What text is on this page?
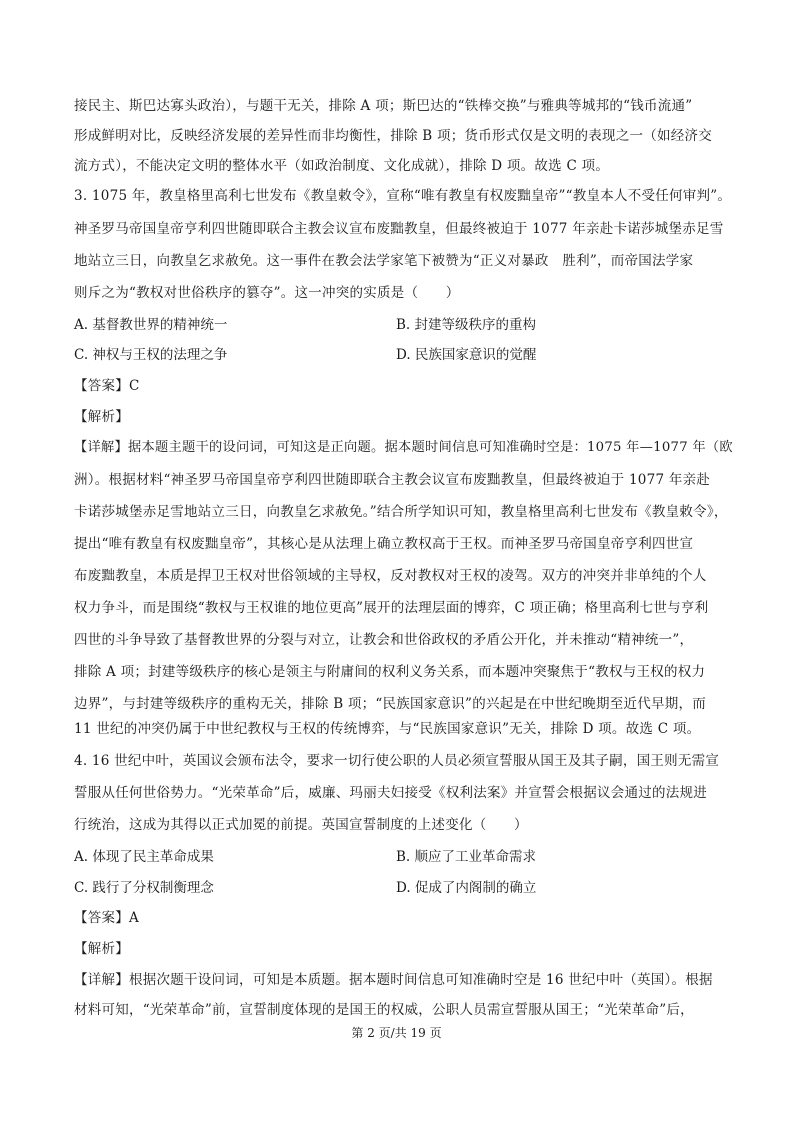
接民主、斯巴达寡头政治），与题干无关，排除 A 项；斯巴达的“铁棒交换”与雅典等城邦的“钱币流通”
形成鲜明对比，反映经济发展的差异性而非均衡性，排除 B 项；货币形式仅是文明的表现之一（如经济交
流方式），不能决定文明的整体水平（如政治制度、文化成就），排除 D 项。故选 C 项。
3. 1075 年，教皇格里高利七世发布《教皇敕令》，宣称“唯有教皇有权废黜皇帝”“教皇本人不受任何审判”。
神圣罗马帝国皇帝亨利四世随即联合主教会议宣布废黜教皇，但最终被迫于 1077 年亲赴卡诺莎城堡赤足雪
地站立三日，向教皇乞求赦免。这一事件在教会法学家笔下被赞为“正义对暴政　胜利”，而帝国法学家
则斥之为“教权对世俗秩序的篡夺”。这一冲突的实质是（　　）
A. 基督教世界的精神统一	B. 封建等级秩序的重构
C. 神权与王权的法理之争	D. 民族国家意识的觉醒
【答案】C
【解析】
【详解】据本题主题干的设问词，可知这是正向题。据本题时间信息可知准确时空是：1075 年—1077 年（欧
洲）。根据材料“神圣罗马帝国皇帝亨利四世随即联合主教会议宣布废黜教皇，但最终被迫于 1077 年亲赴
卡诺莎城堡赤足雪地站立三日，向教皇乞求赦免。”结合所学知识可知，教皇格里高利七世发布《教皇敕令》，
提出“唯有教皇有权废黜皇帝”，其核心是从法理上确立教权高于王权。而神圣罗马帝国皇帝亨利四世宣
布废黜教皇，本质是捍卫王权对世俗领域的主导权，反对教权对王权的凌驾。双方的冲突并非单纯的个人
权力争斗，而是围绕“教权与王权谁的地位更高”展开的法理层面的博弈，C 项正确；格里高利七世与亨利
四世的斗争导致了基督教世界的分裂与对立，让教会和世俗政权的矛盾公开化，并未推动“精神统一”，
排除 A 项；封建等级秩序的核心是领主与附庸间的权利义务关系，而本题冲突聚焦于“教权与王权的权力
边界”，与封建等级秩序的重构无关，排除 B 项；“民族国家意识”的兴起是在中世纪晚期至近代早期，而
11 世纪的冲突仍属于中世纪教权与王权的传统博弈，与“民族国家意识”无关，排除 D 项。故选 C 项。
4. 16 世纪中叶，英国议会颁布法令，要求一切行使公职的人员必须宣誓服从国王及其子嗣，国王则无需宣
誓服从任何世俗势力。“光荣革命”后，威廉、玛丽夫妇接受《权利法案》并宣誓会根据议会通过的法规进
行统治，这成为其得以正式加冕的前提。英国宣誓制度的上述变化（　　）
A. 体现了民主革命成果	B. 顺应了工业革命需求
C. 践行了分权制衡理念	D. 促成了内阁制的确立
【答案】A
【解析】
【详解】根据次题干设问词，可知是本质题。据本题时间信息可知准确时空是 16 世纪中叶（英国）。根据
材料可知，“光荣革命”前，宣誓制度体现的是国王的权威，公职人员需宣誓服从国王；“光荣革命”后，
第 2 页/共 19 页
